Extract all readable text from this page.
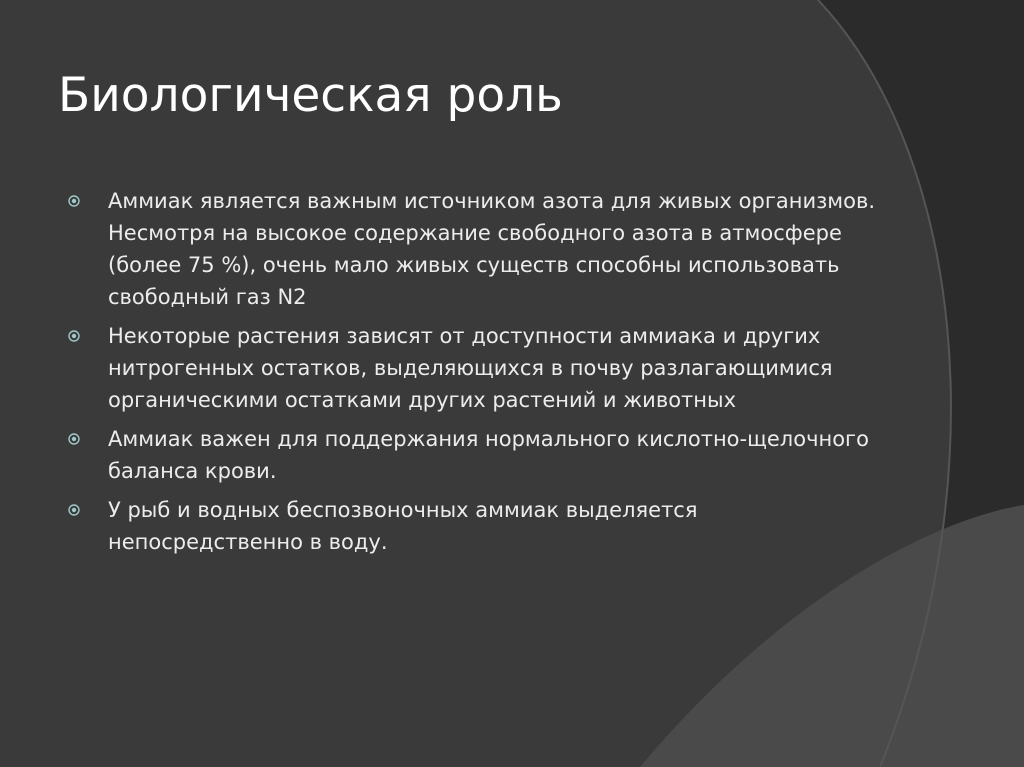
Биологическая роль
Аммиак является важным источником азота для живых организмов. Несмотря на высокое содержание свободного азота в атмосфере (более 75 %), очень мало живых существ способны использовать свободный газ N2
Некоторые растения зависят от доступности аммиака и других нитрогенных остатков, выделяющихся в почву разлагающимися органическими остатками других растений и животных
Аммиак важен для поддержания нормального кислотно-щелочного баланса крови.
У рыб и водных беспозвоночных аммиак выделяется непосредственно в воду.
